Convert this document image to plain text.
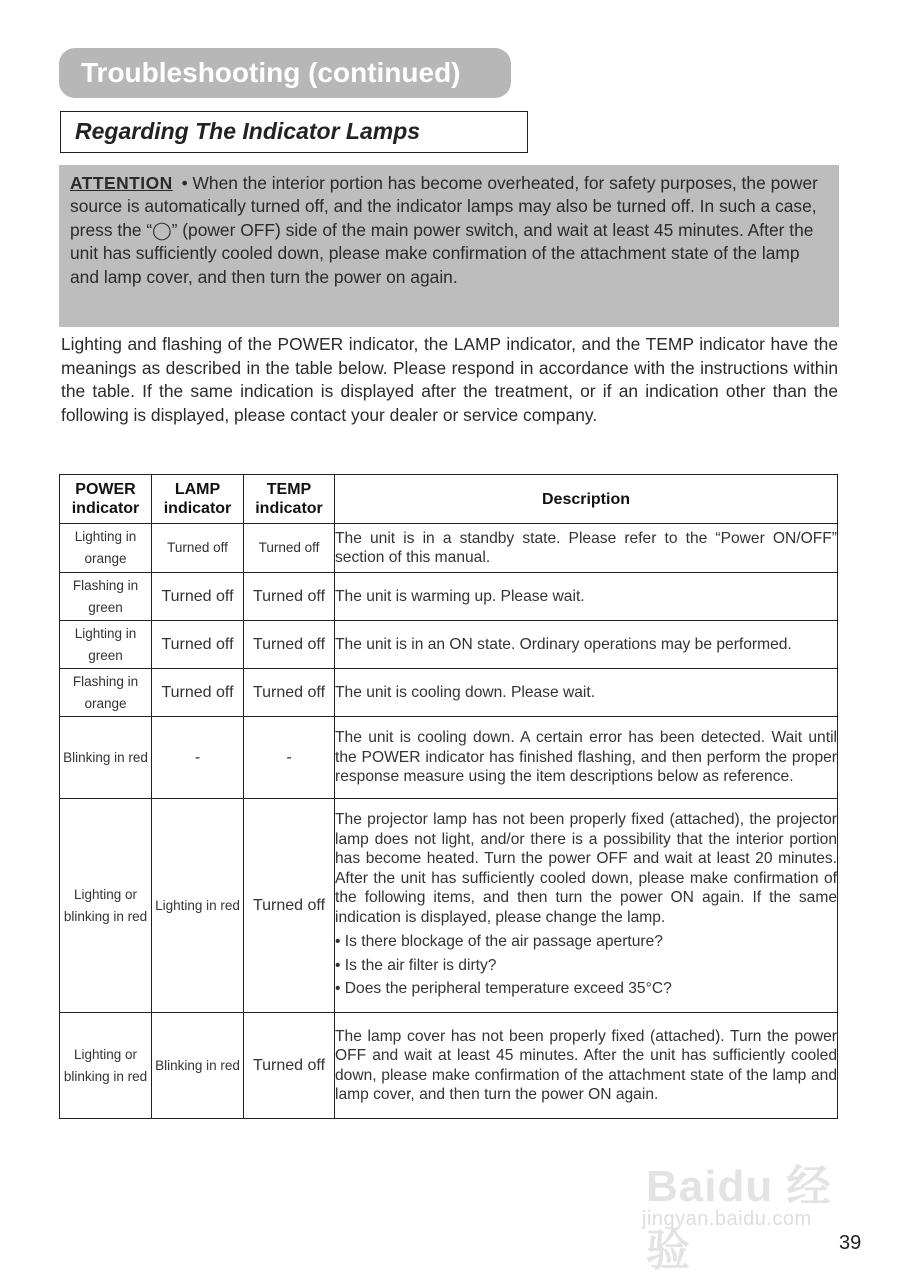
Troubleshooting (continued)
Regarding The Indicator Lamps
ATTENTION • When the interior portion has become overheated, for safety purposes, the power source is automatically turned off, and the indicator lamps may also be turned off. In such a case, press the “◯” (power OFF) side of the main power switch, and wait at least 45 minutes. After the unit has sufficiently cooled down, please make confirmation of the attachment state of the lamp and lamp cover, and then turn the power on again.
Lighting and flashing of the POWER indicator, the LAMP indicator, and the TEMP indicator have the meanings as described in the table below. Please respond in accordance with the instructions within the table. If the same indication is displayed after the treatment, or if an indication other than the following is displayed, please contact your dealer or service company.
POWER indicator	LAMP indicator	TEMP indicator	Description
Lighting in orange	Turned off	Turned off	The unit is in a standby state. Please refer to the “Power ON/OFF” section of this manual.
Flashing in green	Turned off	Turned off	The unit is warming up. Please wait.
Lighting in green	Turned off	Turned off	The unit is in an ON state. Ordinary operations may be performed.
Flashing in orange	Turned off	Turned off	The unit is cooling down. Please wait.
Blinking in red	-	-	The unit is cooling down. A certain error has been detected. Wait until the POWER indicator has finished flashing, and then perform the proper response measure using the item descriptions below as reference.
Lighting or blinking in red	Lighting in red	Turned off	The projector lamp has not been properly fixed (attached), the projector lamp does not light, and/or there is a possibility that the interior portion has become heated. Turn the power OFF and wait at least 20 minutes. After the unit has sufficiently cooled down, please make confirmation of the following items, and then turn the power ON again. If the same indication is displayed, please change the lamp.
• Is there blockage of the air passage aperture?
• Is the air filter is dirty?
• Does the peripheral temperature exceed 35°C?

Lighting or blinking in red	Blinking in red	Turned off	The lamp cover has not been properly fixed (attached). Turn the power OFF and wait at least 45 minutes. After the unit has sufficiently cooled down, please make confirmation of the attachment state of the lamp and lamp cover, and then turn the power ON again.
Baidu 经验
jingyan.baidu.com
39
